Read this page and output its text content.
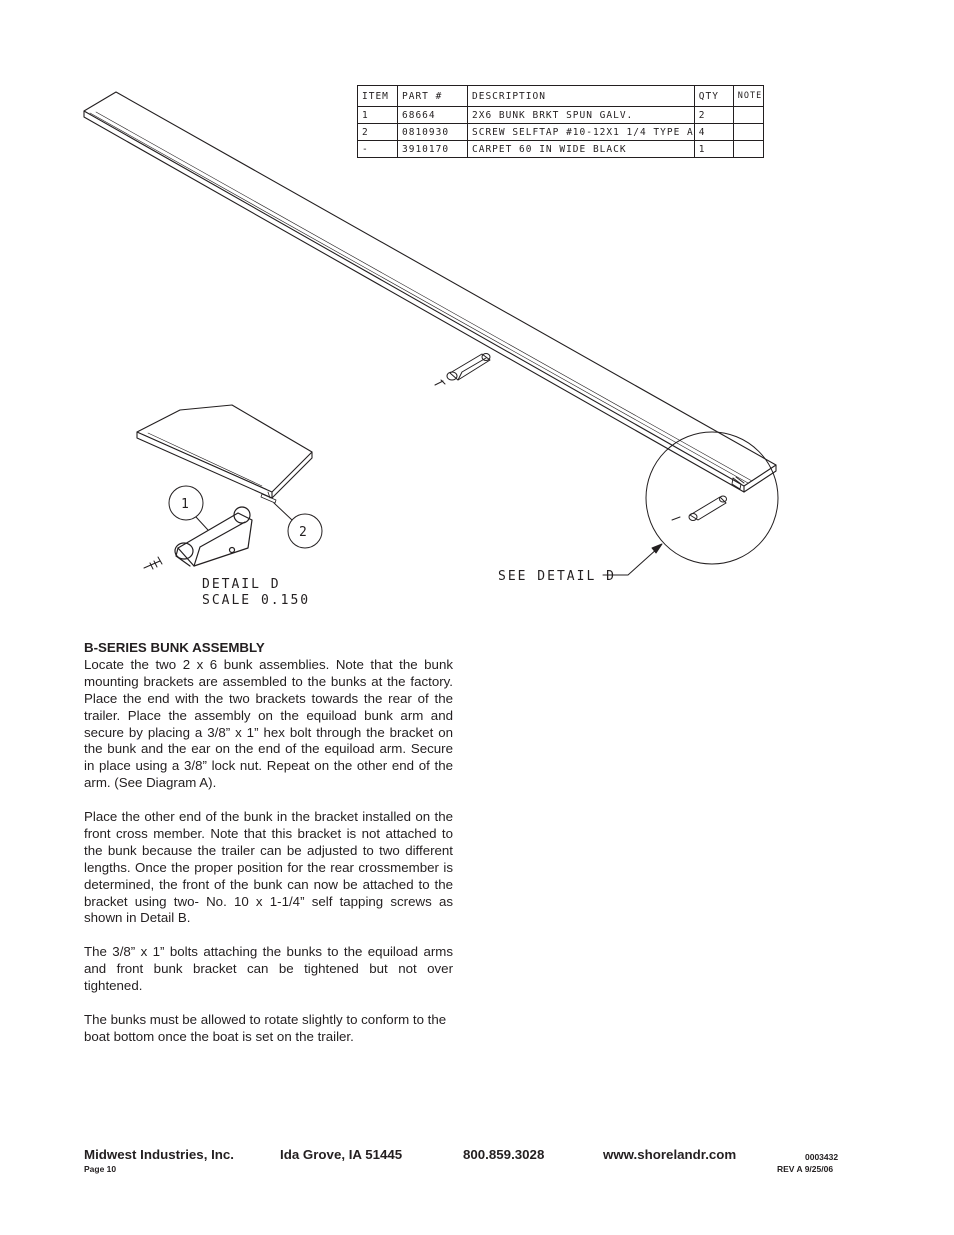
ITEM	PART #	DESCRIPTION	QTY	NOTE
1	68664	2X6 BUNK BRKT SPUN GALV.	2	
2	0810930	SCREW SELFTAP #10-12X1 1/4 TYPE A	4	
-	3910170	CARPET 60 IN WIDE BLACK	1	
1
2
DETAIL D
SCALE 0.150
SEE DETAIL D
B-SERIES BUNK ASSEMBLY

Locate the two 2 x 6 bunk assemblies. Note that the bunk mounting brackets are assembled to the bunks at the factory. Place the end with the two brackets towards the rear of the trailer. Place the assembly on the equiload bunk arm and secure by placing a 3/8” x 1” hex bolt through the bracket on the bunk and the ear on the end of the equiload arm. Secure in place using a 3/8” lock nut. Repeat on the other end of the arm. (See Diagram A).

Place the other end of the bunk in the bracket installed on the front cross member. Note that this bracket is not attached to the bunk because the trailer can be adjusted to two different lengths. Once the proper position for the rear crossmember is determined, the front of the bunk can now be attached to the bracket using two- No. 10 x 1-1/4” self tapping screws as shown in Detail B.

The 3/8” x 1” bolts attaching the bunks to the equiload arms and front bunk bracket can be tightened but not over tightened.

The bunks must be allowed to rotate slightly to conform to the boat bottom once the boat is set on the trailer.

Midwest Industries, Inc.	Ida Grove, IA 51445	800.859.3028	www.shorelandr.com	0003432
Page 10	REV A 9/25/06
